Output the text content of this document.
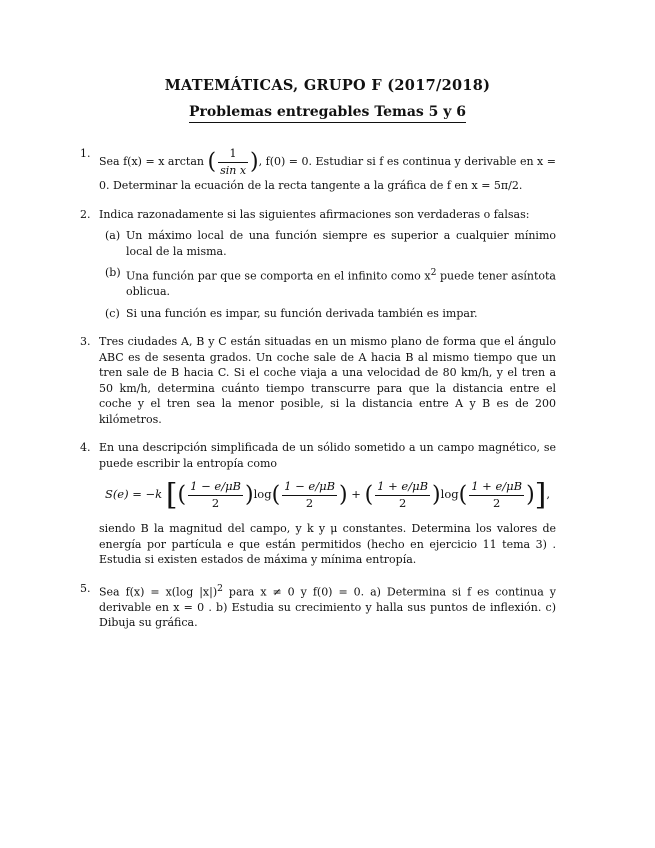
MATEMÁTICAS, GRUPO F (2017/2018)
Problemas entregables Temas 5 y 6
1.
Sea f(x) = x arctan ( $\frac{1}{\text{sin x}}$ ), f(0) = 0. Estudiar si f es continua y derivable en x = 0. Determinar la ecuación de la recta tangente a la gráfica de f en x = 5π/2.
2. Indica razonadamente si las siguientes afirmaciones son verdaderas o falsas:
(a) Un máximo local de una función siempre es superior a cualquier mínimo local de la misma.
(b) Una función par que se comporta en el infinito como $x^2$ puede tener asíntota oblicua.
(c) Si una función es impar, su función derivada también es impar.
3. Tres ciudades A, B y C están situadas en un mismo plano de forma que el ángulo ABC es de sesenta grados. Un coche sale de A hacia B al mismo tiempo que un tren sale de B hacia C. Si el coche viaja a una velocidad de 80 km/h, y el tren a 50 km/h, determina cuánto tiempo transcurre para que la distancia entre el coche y el tren sea la menor posible, si la distancia entre A y B es de 200 kilómetros.
4. En una descripción simplificada de un sólido sometido a un campo magnético, se puede escribir la entropía como
S(e) = −k [( $\frac{1 - e/\mu B}{2} )\log( \frac{1 - e/\mu B}{2}$ ) + ( $\frac{1 + e/\mu B}{2} )\log( \frac{1 + e/\mu B}{2}$ )],
siendo B la magnitud del campo, y k y μ constantes. Determina los valores de energía por partícula e que están permitidos (hecho en ejercicio 11 tema 3) . Estudia si existen estados de máxima y mínima entropía.
5. Sea f(x) = x(log |x|)$^2$ para x ≠ 0 y f(0) = 0. a) Determina si f es continua y derivable en x = 0 . b) Estudia su crecimiento y halla sus puntos de inflexión. c) Dibuja su gráfica.
